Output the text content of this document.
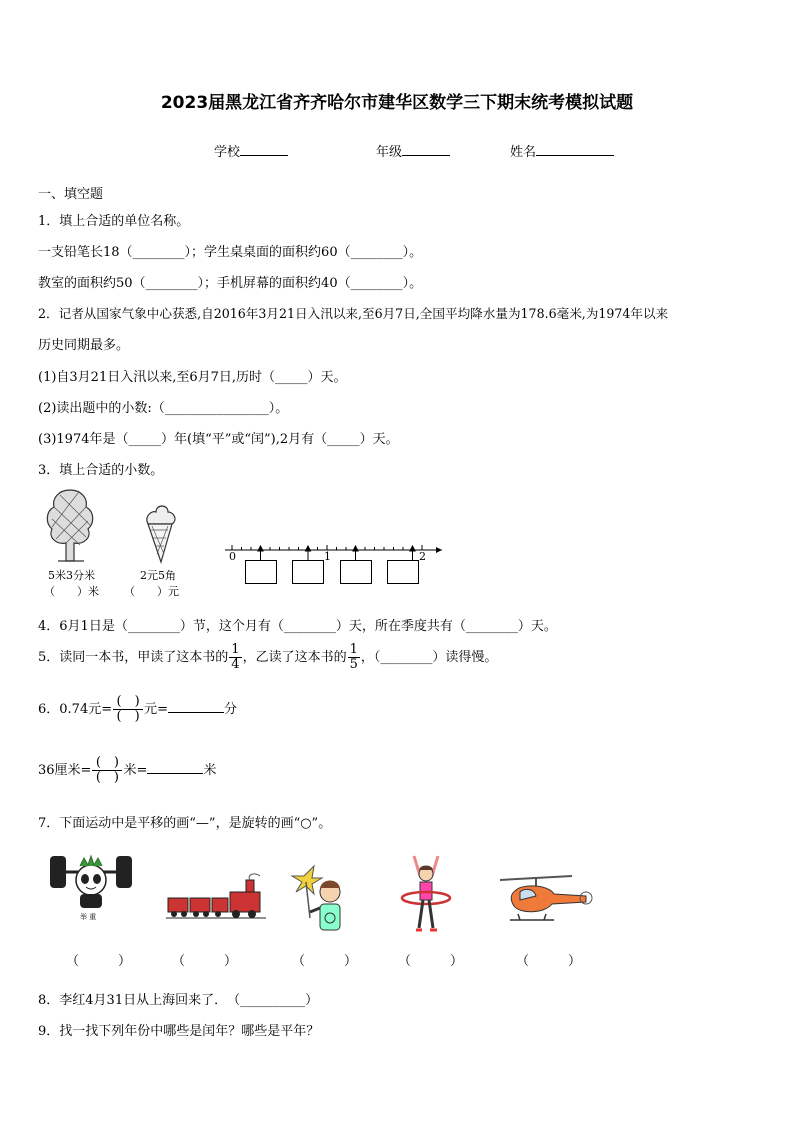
2023届黑龙江省齐齐哈尔市建华区数学三下期末统考模拟试题
学校	年级	姓名
一、填空题
1．填上合适的单位名称。
一支铅笔长18（________）；学生桌桌面的面积约60（________）。
教室的面积约50（________）；手机屏幕的面积约40（________）。
2．记者从国家气象中心获悉,自2016年3月21日入汛以来,至6月7日,全国平均降水量为178.6毫米,为1974年以来
历史同期最多。
(1)自3月21日入汛以来,至6月7日,历时（_____）天。
(2)读出题中的小数:（________________）。
(3)1974年是（_____）年(填“平”或“闰”),2月有（_____）天。
3．填上合适的小数。
5米3分米
（　　）米
2元5角
（　　）元
0	1	2
4．6月1日是（________）节，这个月有（________）天，所在季度共有（________）天。
5．读同一本书，甲读了这本书的 $\frac{1}{4}$ ，乙读了这本书的 $\frac{1}{5}$ ，（________）读得慢。
6．0.74元= $\frac{( )}{( )}$ 元=	分
36厘米= $\frac{( )}{( )}$ 米=	米
7．下面运动中是平移的画“—”，是旋转的画“○”。
举 重
（　　　）	（　　　）	（　　　）	（　　　）	（　　　）
8．李红4月31日从上海回来了．　（__________）
9．找一找下列年份中哪些是闰年？哪些是平年？
